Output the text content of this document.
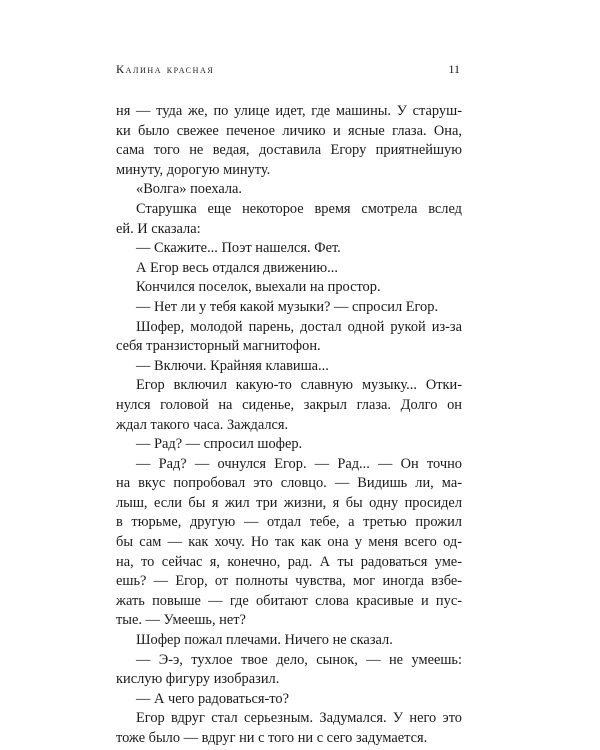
Калина красная	11
ня — туда же, по улице идет, где машины. У старуш-
ки было свежее печеное личико и ясные глаза. Она,
сама того не ведая, доставила Егору приятнейшую
минуту, дорогую минуту.
«Волга» поехала.
Старушка еще некоторое время смотрела вслед
ей. И сказала:
— Скажите... Поэт нашелся. Фет.
А Егор весь отдался движению...
Кончился поселок, выехали на простор.
— Нет ли у тебя какой музыки? — спросил Егор.
Шофер, молодой парень, достал одной рукой из-за
себя транзисторный магнитофон.
— Включи. Крайняя клавиша...
Егор включил какую-то славную музыку... Отки-
нулся головой на сиденье, закрыл глаза. Долго он
ждал такого часа. Заждался.
— Рад? — спросил шофер.
— Рад? — очнулся Егор. — Рад... — Он точно
на вкус попробовал это словцо. — Видишь ли, ма-
лыш, если бы я жил три жизни, я бы одну просидел
в тюрьме, другую — отдал тебе, а третью прожил
бы сам — как хочу. Но так как она у меня всего од-
на, то сейчас я, конечно, рад. А ты радоваться уме-
ешь? — Егор, от полноты чувства, мог иногда взбе-
жать повыше — где обитают слова красивые и пус-
тые. — Умеешь, нет?
Шофер пожал плечами. Ничего не сказал.
— Э-э, тухлое твое дело, сынок, — не умеешь:
кислую фигуру изобразил.
— А чего радоваться-то?
Егор вдруг стал серьезным. Задумался. У него это
тоже было — вдруг ни с того ни с сего задумается.
